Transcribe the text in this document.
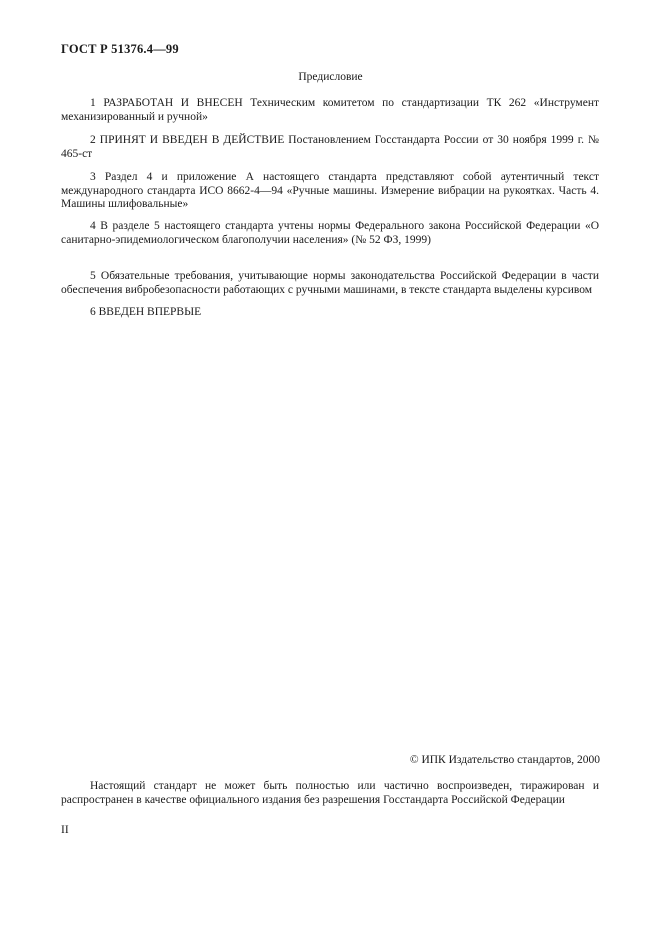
ГОСТ Р 51376.4—99
Предисловие

1 РАЗРАБОТАН И ВНЕСЕН Техническим комитетом по стандартизации ТК 262 «Инструмент механизированный и ручной»

2 ПРИНЯТ И ВВЕДЕН В ДЕЙСТВИЕ Постановлением Госстандарта России от 30 ноября 1999 г. № 465-ст

3 Раздел 4 и приложение А настоящего стандарта представляют собой аутентичный текст международного стандарта ИСО 8662-4—94 «Ручные машины. Измерение вибрации на рукоятках. Часть 4. Машины шлифовальные»

4 В разделе 5 настоящего стандарта учтены нормы Федерального закона Российской Федерации «О санитарно-эпидемиологическом благополучии населения» (№ 52 ФЗ, 1999)

5 Обязательные требования, учитывающие нормы законодательства Российской Федерации в части обеспечения вибробезопасности работающих с ручными машинами, в тексте стандарта выделены курсивом

6 ВВЕДЕН ВПЕРВЫЕ

© ИПК Издательство стандартов, 2000

Настоящий стандарт не может быть полностью или частично воспроизведен, тиражирован и распространен в качестве официального издания без разрешения Госстандарта Российской Федерации

II
